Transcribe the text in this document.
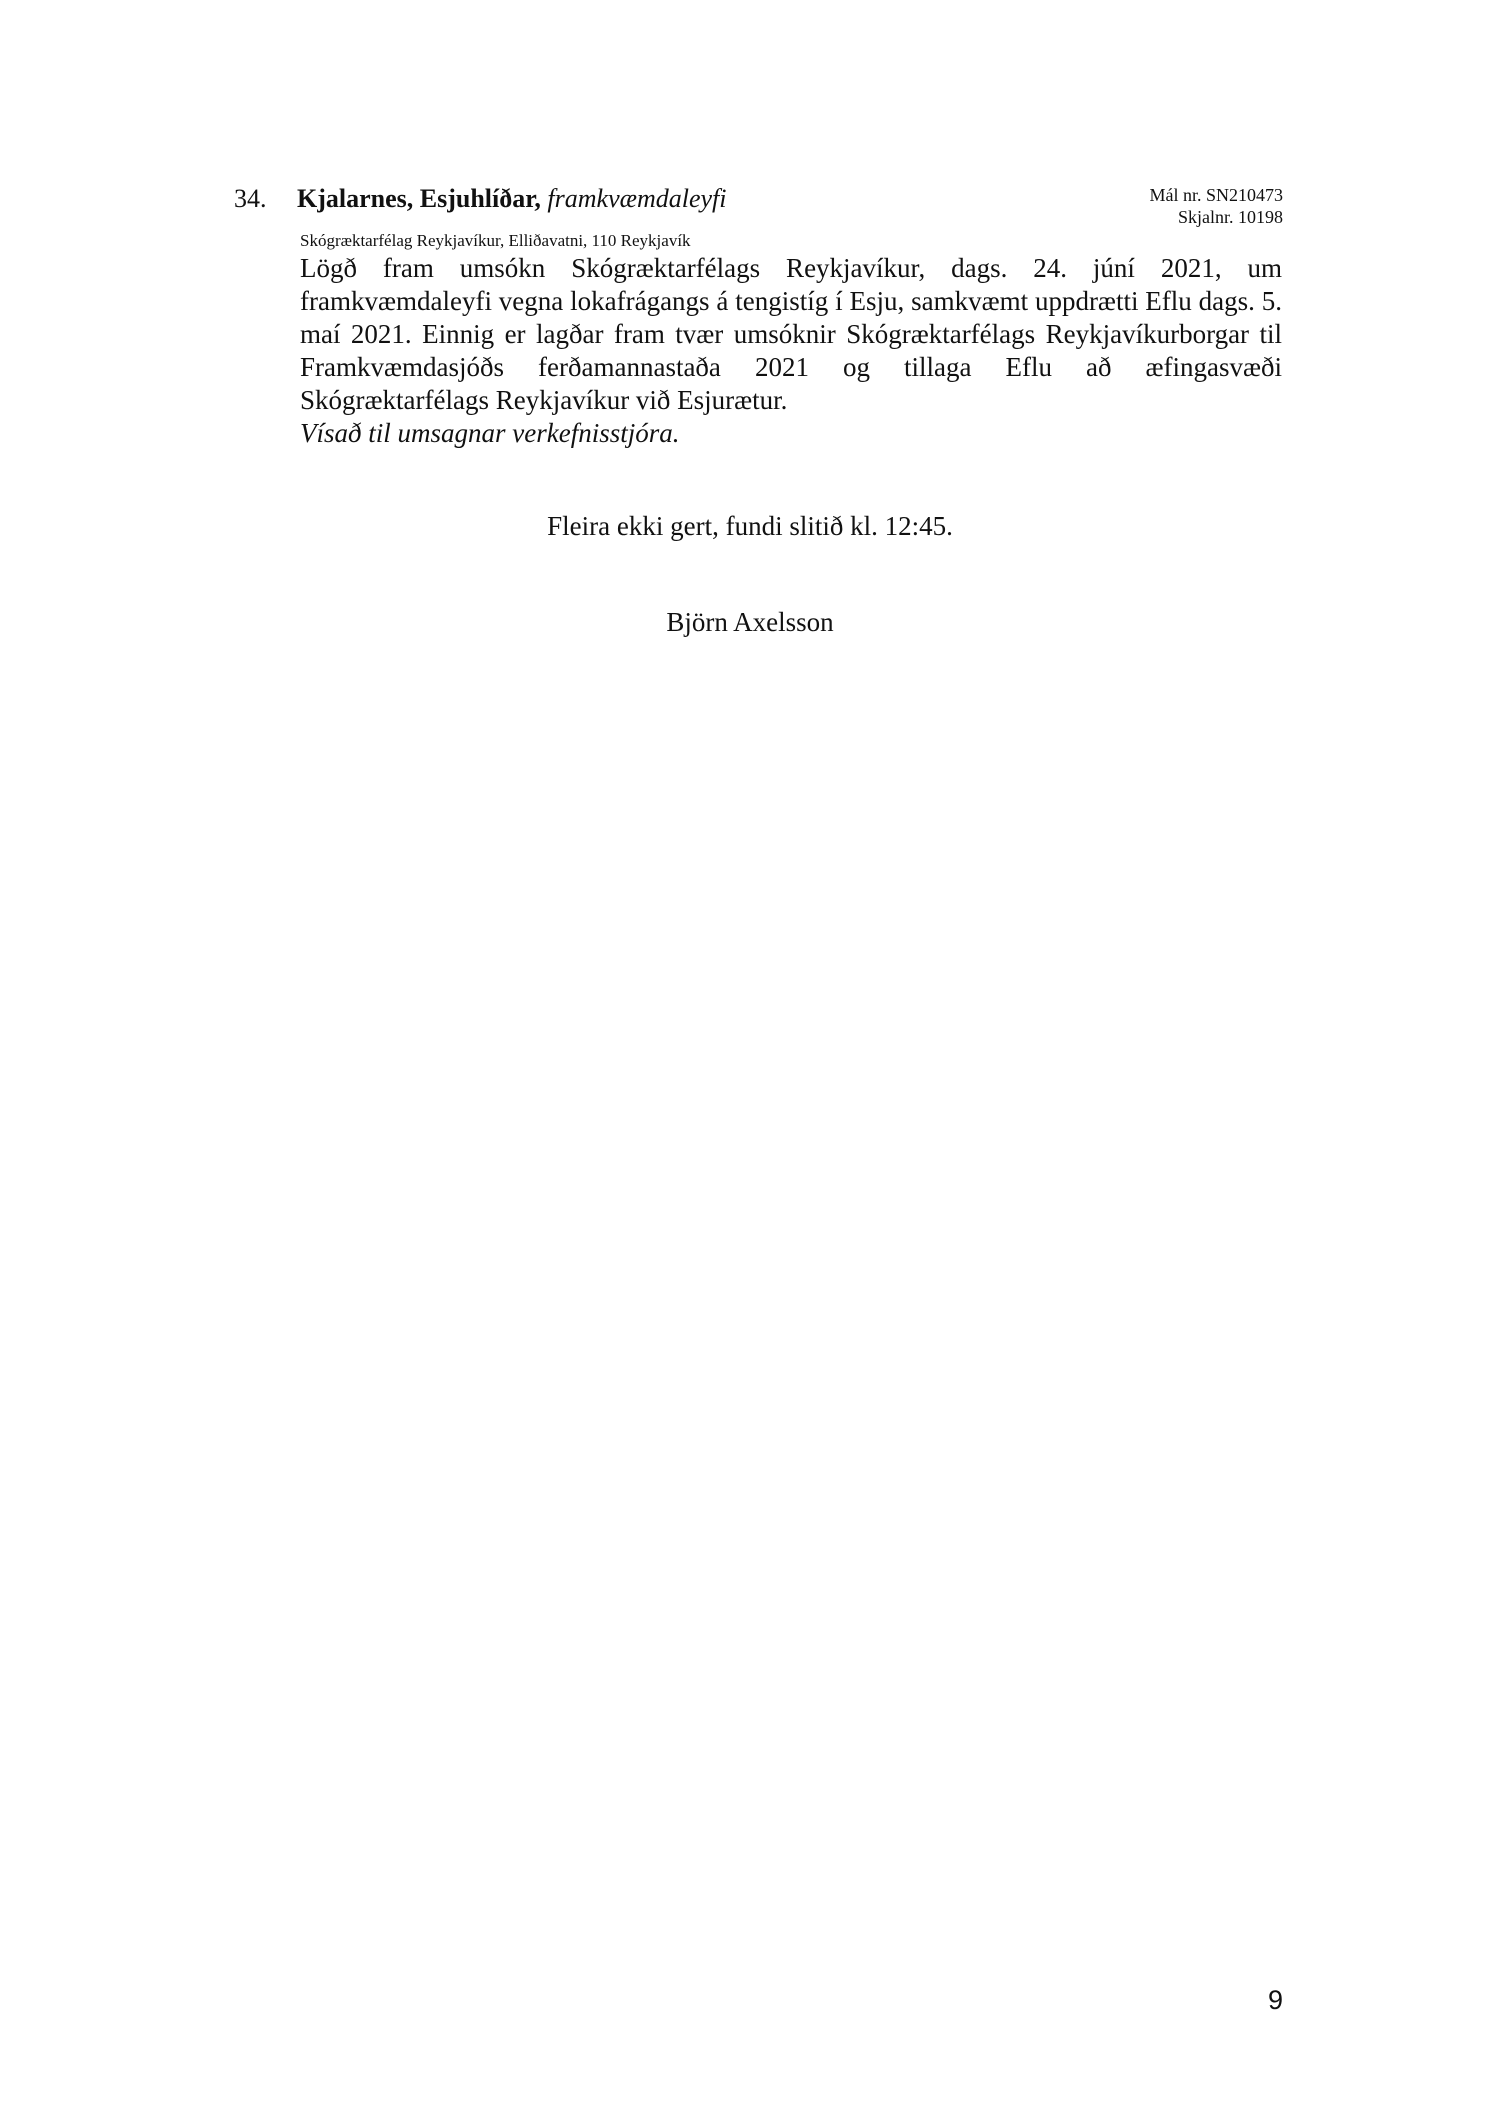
34. Kjalarnes, Esjuhlíðar, framkvæmdaleyfi	Mál nr. SN210473
Skjalnr. 10198
Skógræktarfélag Reykjavíkur, Elliðavatni, 110 Reykjavík

Lögð fram umsókn Skógræktarfélags Reykjavíkur, dags. 24. júní 2021, um framkvæmdaleyfi vegna lokafrágangs á tengistíg í Esju, samkvæmt uppdrætti Eflu dags. 5. maí 2021. Einnig er lagðar fram tvær umsóknir Skógræktarfélags Reykjavíkurborgar til Framkvæmdasjóðs ferðamannastaða 2021 og tillaga Eflu að æfingasvæði Skógræktarfélags Reykjavíkur við Esjurætur.

Vísað til umsagnar verkefnisstjóra.
Fleira ekki gert, fundi slitið kl. 12:45.
Björn Axelsson
9
